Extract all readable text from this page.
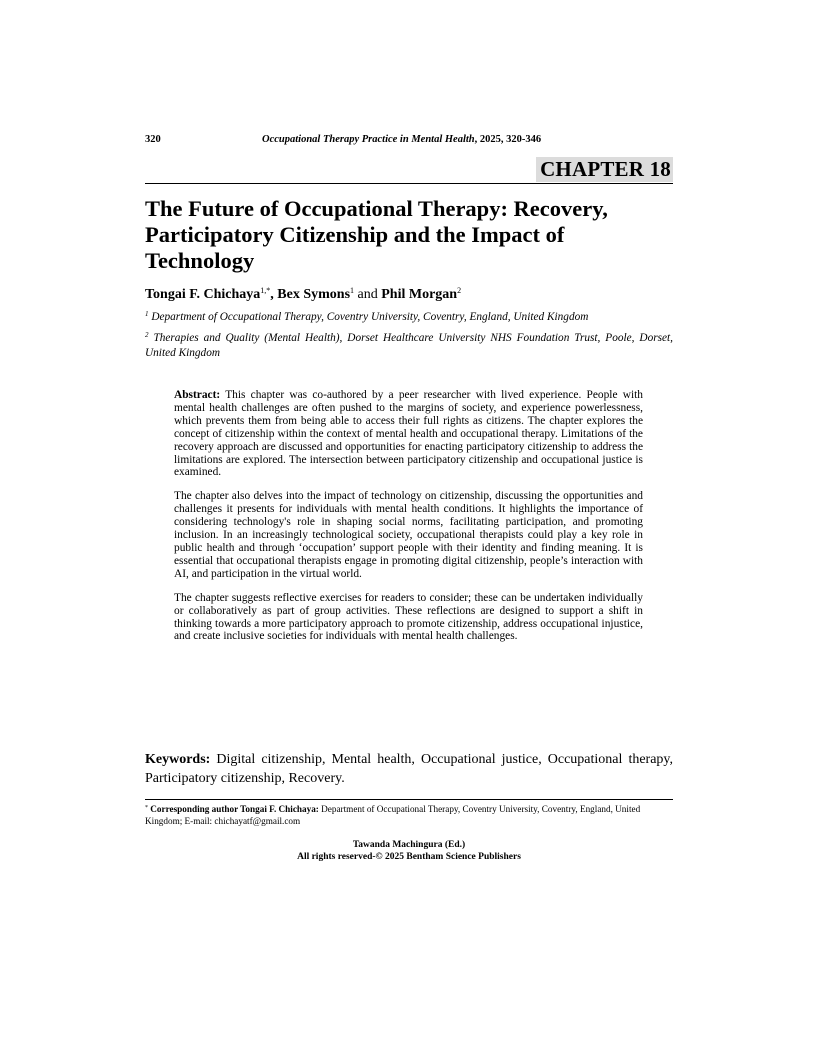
320	Occupational Therapy Practice in Mental Health, 2025, 320-346
CHAPTER 18
The Future of Occupational Therapy: Recovery,
Participatory Citizenship and the Impact of
Technology
Tongai F. Chichaya$^{1,*}$, Bex Symons$^1$ and Phil Morgan$^2$

$^1$ Department of Occupational Therapy, Coventry University, Coventry, England, United Kingdom

$^2$ Therapies and Quality (Mental Health), Dorset Healthcare University NHS Foundation Trust, Poole, Dorset, United Kingdom

Abstract: This chapter was co-authored by a peer researcher with lived experience. People with mental health challenges are often pushed to the margins of society, and experience powerlessness, which prevents them from being able to access their full rights as citizens. The chapter explores the concept of citizenship within the context of mental health and occupational therapy. Limitations of the recovery approach are discussed and opportunities for enacting participatory citizenship to address the limitations are explored. The intersection between participatory citizenship and occupational justice is examined.

The chapter also delves into the impact of technology on citizenship, discussing the opportunities and challenges it presents for individuals with mental health conditions. It highlights the importance of considering technology's role in shaping social norms, facilitating participation, and promoting inclusion. In an increasingly technological society, occupational therapists could play a key role in public health and through ‘occupation’ support people with their identity and finding meaning. It is essential that occupational therapists engage in promoting digital citizenship, people’s interaction with AI, and participation in the virtual world.

The chapter suggests reflective exercises for readers to consider; these can be undertaken individually or collaboratively as part of group activities. These reflections are designed to support a shift in thinking towards a more participatory approach to promote citizenship, address occupational injustice, and create inclusive societies for individuals with mental health challenges.

Keywords: Digital citizenship, Mental health, Occupational justice, Occupational therapy, Participatory citizenship, Recovery.
* Corresponding author Tongai F. Chichaya: Department of Occupational Therapy, Coventry University, Coventry, England, United Kingdom; E-mail: chichayatf@gmail.com
Tawanda Machingura (Ed.)
All rights reserved-© 2025 Bentham Science Publishers
